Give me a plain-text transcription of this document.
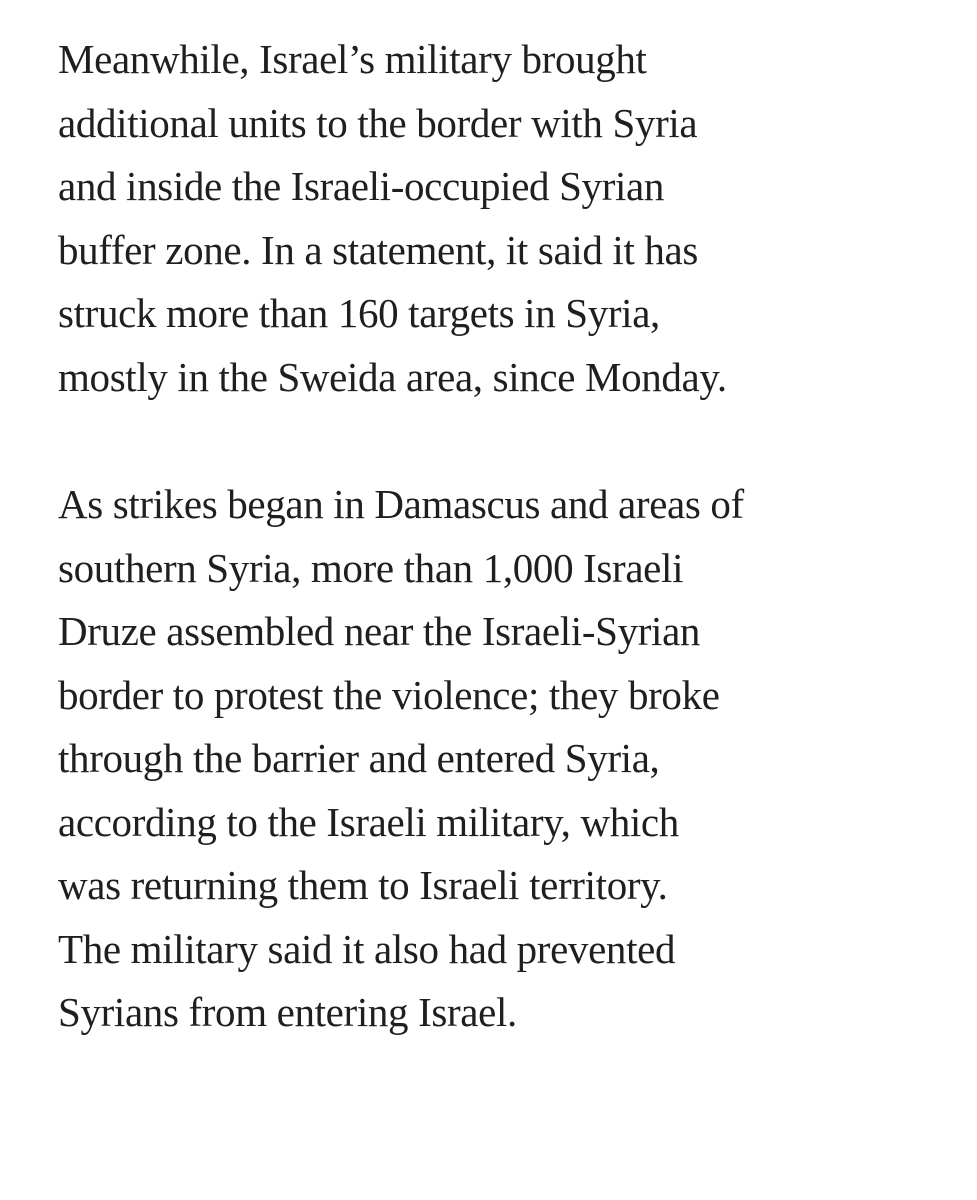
Meanwhile, Israel’s military brought
additional units to the border with Syria
and inside the Israeli-occupied Syrian
buffer zone. In a statement, it said it has
struck more than 160 targets in Syria,
mostly in the Sweida area, since Monday.

As strikes began in Damascus and areas of
southern Syria, more than 1,000 Israeli
Druze assembled near the Israeli-Syrian
border to protest the violence; they broke
through the barrier and entered Syria,
according to the Israeli military, which
was returning them to Israeli territory.
The military said it also had prevented
Syrians from entering Israel.
